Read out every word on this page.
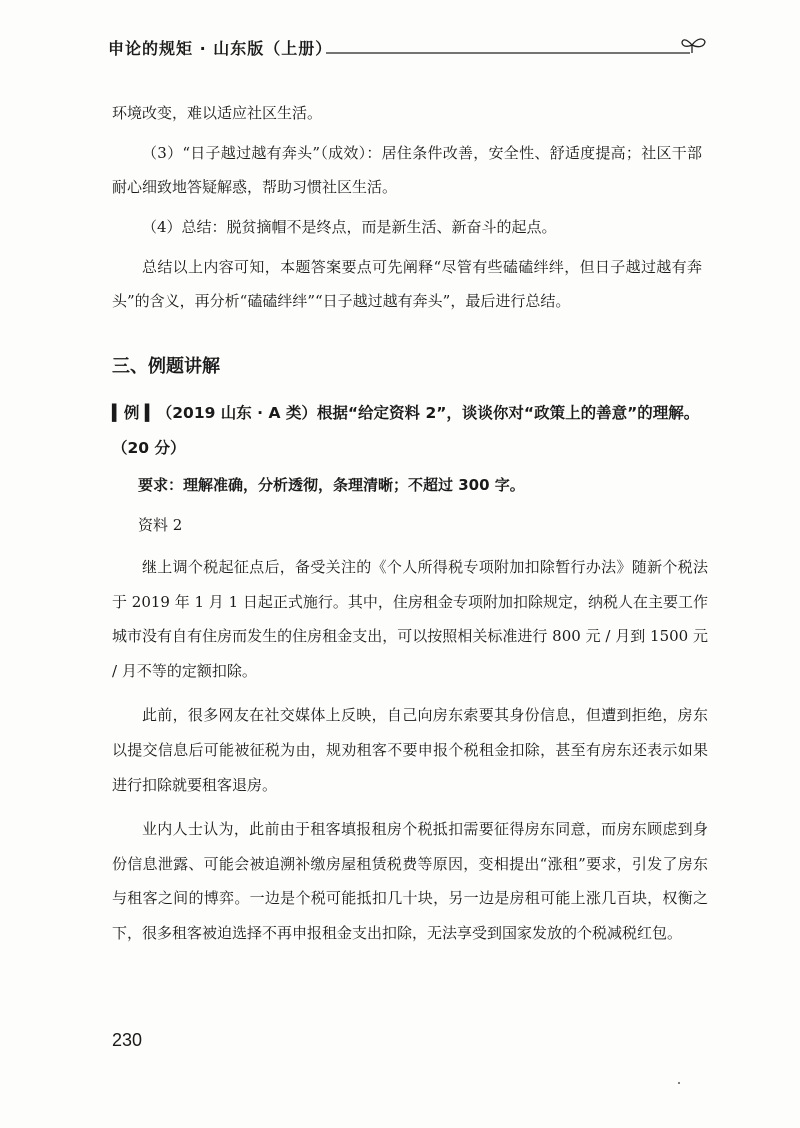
申论的规矩 · 山东版（上册）

环境改变，难以适应社区生活。

（3）“日子越过越有奔头”（成效）：居住条件改善，安全性、舒适度提高；社区干部耐心细致地答疑解惑，帮助习惯社区生活。

（4）总结：脱贫摘帽不是终点，而是新生活、新奋斗的起点。

总结以上内容可知，本题答案要点可先阐释“尽管有些磕磕绊绊，但日子越过越有奔头”的含义，再分析“磕磕绊绊”“日子越过越有奔头”，最后进行总结。

三、例题讲解
▍例 ▍（2019 山东 · A 类）根据“给定资料 2”，谈谈你对“政策上的善意”的理解。（20 分）
要求：理解准确，分析透彻，条理清晰；不超过 300 字。
资料 2

继上调个税起征点后，备受关注的《个人所得税专项附加扣除暂行办法》随新个税法于 2019 年 1 月 1 日起正式施行。其中，住房租金专项附加扣除规定，纳税人在主要工作城市没有自有住房而发生的住房租金支出，可以按照相关标准进行 800 元 / 月到 1500 元 / 月不等的定额扣除。

此前，很多网友在社交媒体上反映，自己向房东索要其身份信息，但遭到拒绝，房东以提交信息后可能被征税为由，规劝租客不要申报个税租金扣除，甚至有房东还表示如果进行扣除就要租客退房。

业内人士认为，此前由于租客填报租房个税抵扣需要征得房东同意，而房东顾虑到身份信息泄露、可能会被追溯补缴房屋租赁税费等原因，变相提出“涨租”要求，引发了房东与租客之间的博弈。一边是个税可能抵扣几十块，另一边是房租可能上涨几百块，权衡之下，很多租客被迫选择不再申报租金支出扣除，无法享受到国家发放的个税减税红包。

230
